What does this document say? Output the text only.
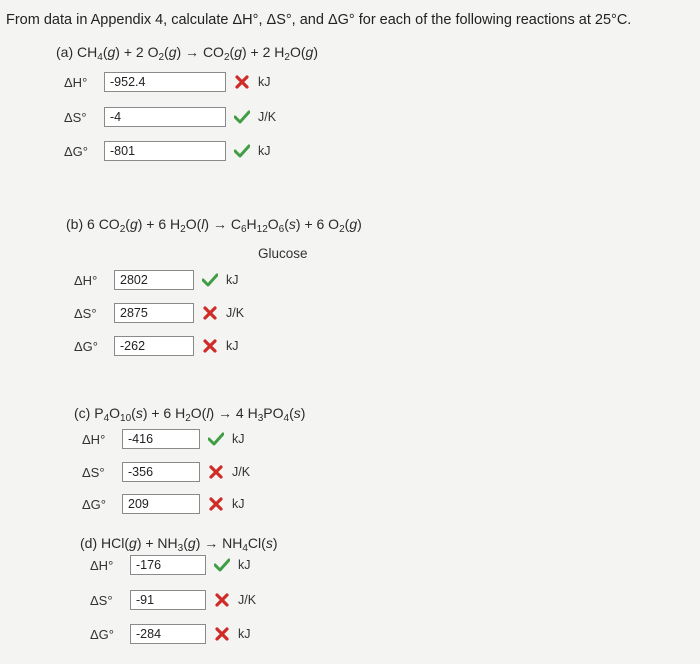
From data in Appendix 4, calculate ΔH°, ΔS°, and ΔG° for each of the following reactions at 25°C.
(a) $CH_4(g) + 2$ $O_2(g) \to CO_2(g) + 2$ $H_2O(g)$
(b) 6 $CO_2(g) + 6$ $H_2O(l) \to C_6H_{12}O_6(s) + 6$ $O_2(g)$
Glucose
(c) $P_4O_{10}(s) + 6$ $H_2O(l) \to 4$ $H_3PO_4(s)$
(d) $HCl(g) + NH_3(g) \to NH_4Cl(s)$
ΔH°	-952.4	kJ
ΔS°	-4	J/K
ΔG°	-801	kJ
ΔH°	2802	kJ
ΔS°	2875	J/K
ΔG°	-262	kJ
ΔH°	-416	kJ
ΔS°	-356	J/K
ΔG°	209	kJ
ΔH°	-176	kJ
ΔS°	-91	J/K
ΔG°	-284	kJ
